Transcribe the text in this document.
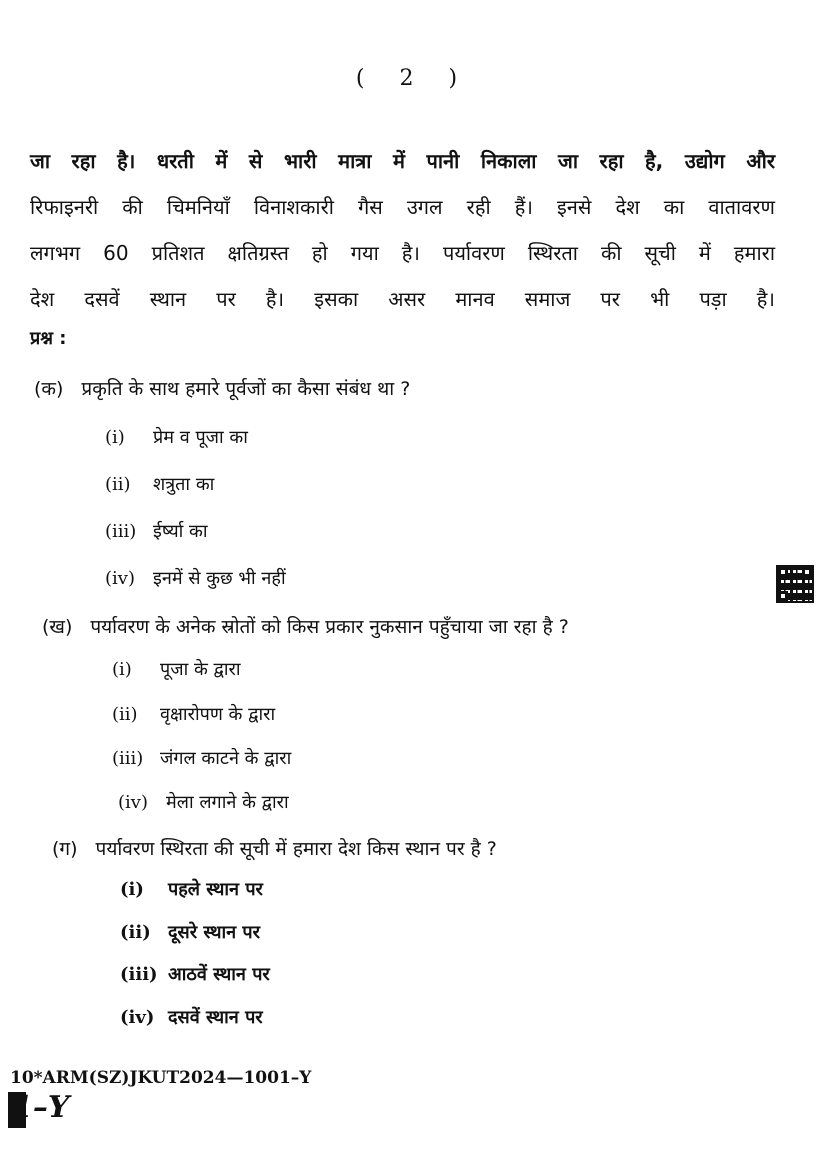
( 2 )
जा रहा है। धरती में से भारी मात्रा में पानी निकाला जा रहा है, उद्योग और
रिफाइनरी की चिमनियाँ विनाशकारी गैस उगल रही हैं। इनसे देश का वातावरण
लगभग 60 प्रतिशत क्षतिग्रस्त हो गया है। पर्यावरण स्थिरता की सूची में हमारा
देश दसवें स्थान पर है। इसका असर मानव समाज पर भी पड़ा है।
प्रश्न :
(क) प्रकृति के साथ हमारे पूर्वजों का कैसा संबंध था ?
(i) प्रेम व पूजा का
(ii) शत्रुता का
(iii) ईर्ष्या का
(iv) इनमें से कुछ भी नहीं
(ख) पर्यावरण के अनेक स्रोतों को किस प्रकार नुकसान पहुँचाया जा रहा है ?
(i) पूजा के द्वारा
(ii) वृक्षारोपण के द्वारा
(iii) जंगल काटने के द्वारा
(iv) मेला लगाने के द्वारा
(ग) पर्यावरण स्थिरता की सूची में हमारा देश किस स्थान पर है ?
(i) पहले स्थान पर
(ii) दूसरे स्थान पर
(iii) आठवें स्थान पर
(iv) दसवें स्थान पर
10*ARM(SZ)JKUT2024—1001–Y
1–Y
